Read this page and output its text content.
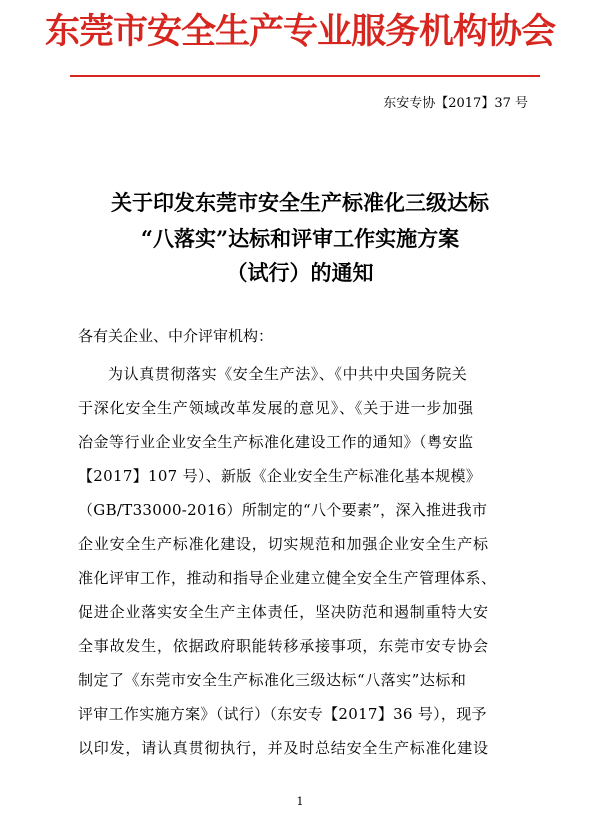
东莞市安全生产专业服务机构协会
东安专协【2017】37 号
关于印发东莞市安全生产标准化三级达标
“八落实”达标和评审工作实施方案
（试行）的通知
各有关企业、中介评审机构：
为认真贯彻落实《安全生产法》、《中共中央国务院关
于深化安全生产领域改革发展的意见》、《关于进一步加强
冶金等行业企业安全生产标准化建设工作的通知》（粤安监
【2017】107 号）、新版《企业安全生产标准化基本规模》
（GB/T33000-2016）所制定的“八个要素”，深入推进我市
企业安全生产标准化建设，切实规范和加强企业安全生产标
准化评审工作，推动和指导企业建立健全安全生产管理体系、
促进企业落实安全生产主体责任，坚决防范和遏制重特大安
全事故发生，依据政府职能转移承接事项，东莞市安专协会
制定了《东莞市安全生产标准化三级达标“八落实”达标和
评审工作实施方案》（试行）（东安专【2017】36 号），现予
以印发，请认真贯彻执行，并及时总结安全生产标准化建设
1
